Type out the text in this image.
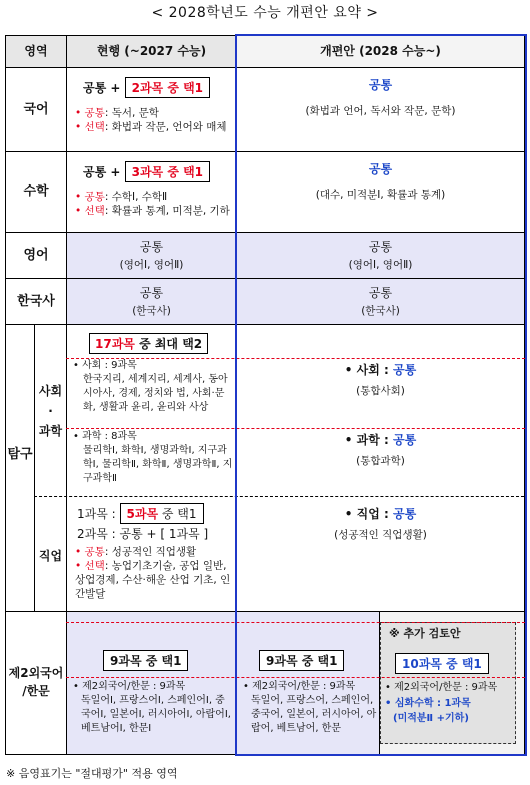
< 2028학년도 수능 개편안 요약 >
영역	현행 (~2027 수능)	개편안 (2028 수능~)
국어
공통 + 2과목 중 택1
• 공통: 독서, 문학
• 선택: 화법과 작문, 언어와 매체
공통
(화법과 언어, 독서와 작문, 문학)
수학
공통 + 3과목 중 택1
• 공통: 수학Ⅰ, 수학Ⅱ
• 선택: 확률과 통계, 미적분, 기하
공통
(대수, 미적분Ⅰ, 확률과 통계)
영어
공통
(영어Ⅰ, 영어Ⅱ)
공통
(영어Ⅰ, 영어Ⅱ)
한국사
공통
(한국사)
공통
(한국사)
탐구
사회
·
과학
직업
17과목 중 최대 택2
• 사회 : 9과목
한국지리, 세계지리, 세계사, 동아시아사, 경제, 정치와 법, 사회·문화, 생활과 윤리, 윤리와 사상
• 과학 : 8과목
물리학Ⅰ, 화학Ⅰ, 생명과학Ⅰ, 지구과학Ⅰ, 물리학Ⅱ, 화학Ⅱ, 생명과학Ⅱ, 지구과학Ⅱ
1과목 : 5과목 중 택1
2과목 : 공통 + [ 1과목 ]
• 공통: 성공적인 직업생활
• 선택: 농업기초기술, 공업 일반, 상업경제, 수산·해운 산업 기초, 인간발달
• 사회 : 공통
(통합사회)
• 과학 : 공통
(통합과학)
• 직업 : 공통
(성공적인 직업생활)
제2외국어
/한문
9과목 중 택1
• 제2외국어/한문 : 9과목
독일어Ⅰ, 프랑스어Ⅰ, 스페인어Ⅰ, 중국어Ⅰ, 일본어Ⅰ, 러시아어Ⅰ, 아랍어Ⅰ, 베트남어Ⅰ, 한문Ⅰ
9과목 중 택1
• 제2외국어/한문 : 9과목
독일어, 프랑스어, 스페인어, 중국어, 일본어, 러시아어, 아랍어, 베트남어, 한문
※ 추가 검토안
10과목 중 택1
• 제2외국어/한문 : 9과목
• 심화수학 : 1과목
(미적분Ⅱ +기하)
※ 음영표기는 "절대평가" 적용 영역
